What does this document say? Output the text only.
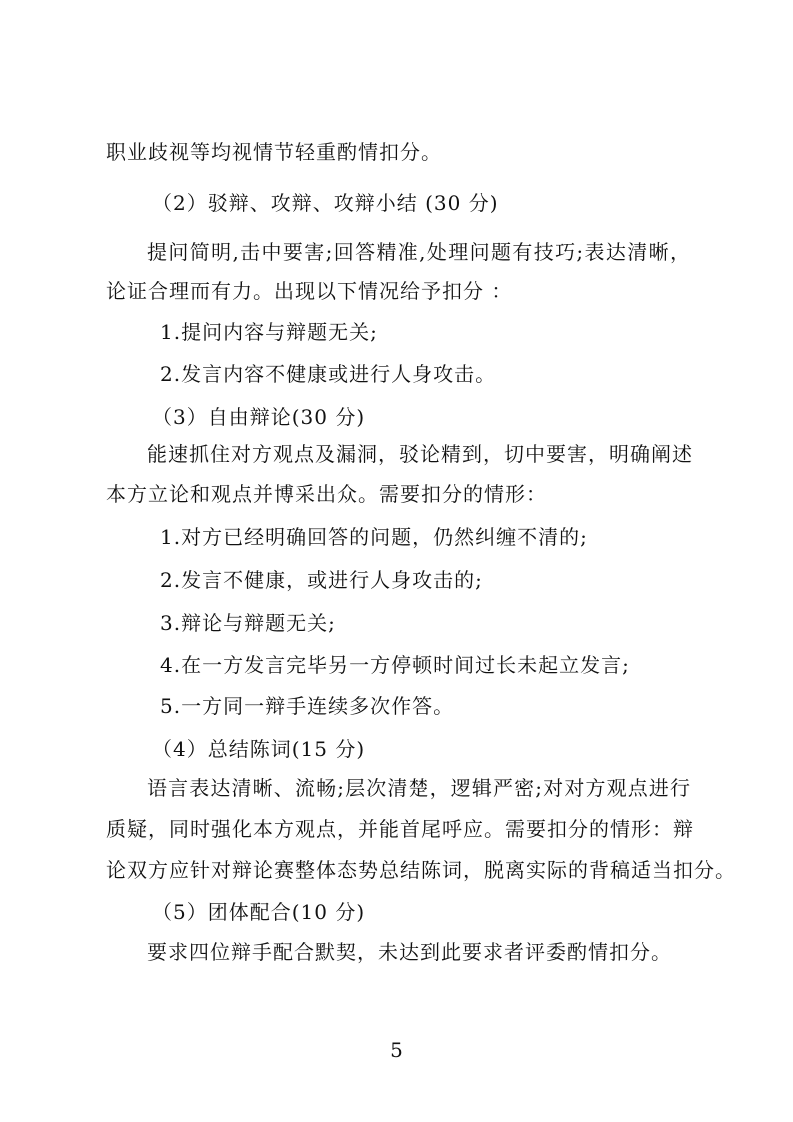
职业歧视等均视情节轻重酌情扣分。
（2）驳辩、攻辩、攻辩小结 (30 分)
提问简明,击中要害;回答精准,处理问题有技巧;表达清晰，
论证合理而有力。出现以下情况给予扣分 ：
1.提问内容与辩题无关;
2.发言内容不健康或进行人身攻击。
（3）自由辩论(30 分)
能速抓住对方观点及漏洞，驳论精到，切中要害，明确阐述
本方立论和观点并博采出众。需要扣分的情形：
1.对方已经明确回答的问题，仍然纠缠不清的;
2.发言不健康，或进行人身攻击的;
3.辩论与辩题无关;
4.在一方发言完毕另一方停顿时间过长未起立发言;
5.一方同一辩手连续多次作答。
（4）总结陈词(15 分)
语言表达清晰、流畅;层次清楚，逻辑严密;对对方观点进行
质疑，同时强化本方观点，并能首尾呼应。需要扣分的情形：辩
论双方应针对辩论赛整体态势总结陈词，脱离实际的背稿适当扣分。
（5）团体配合(10 分)
要求四位辩手配合默契，未达到此要求者评委酌情扣分。
5
